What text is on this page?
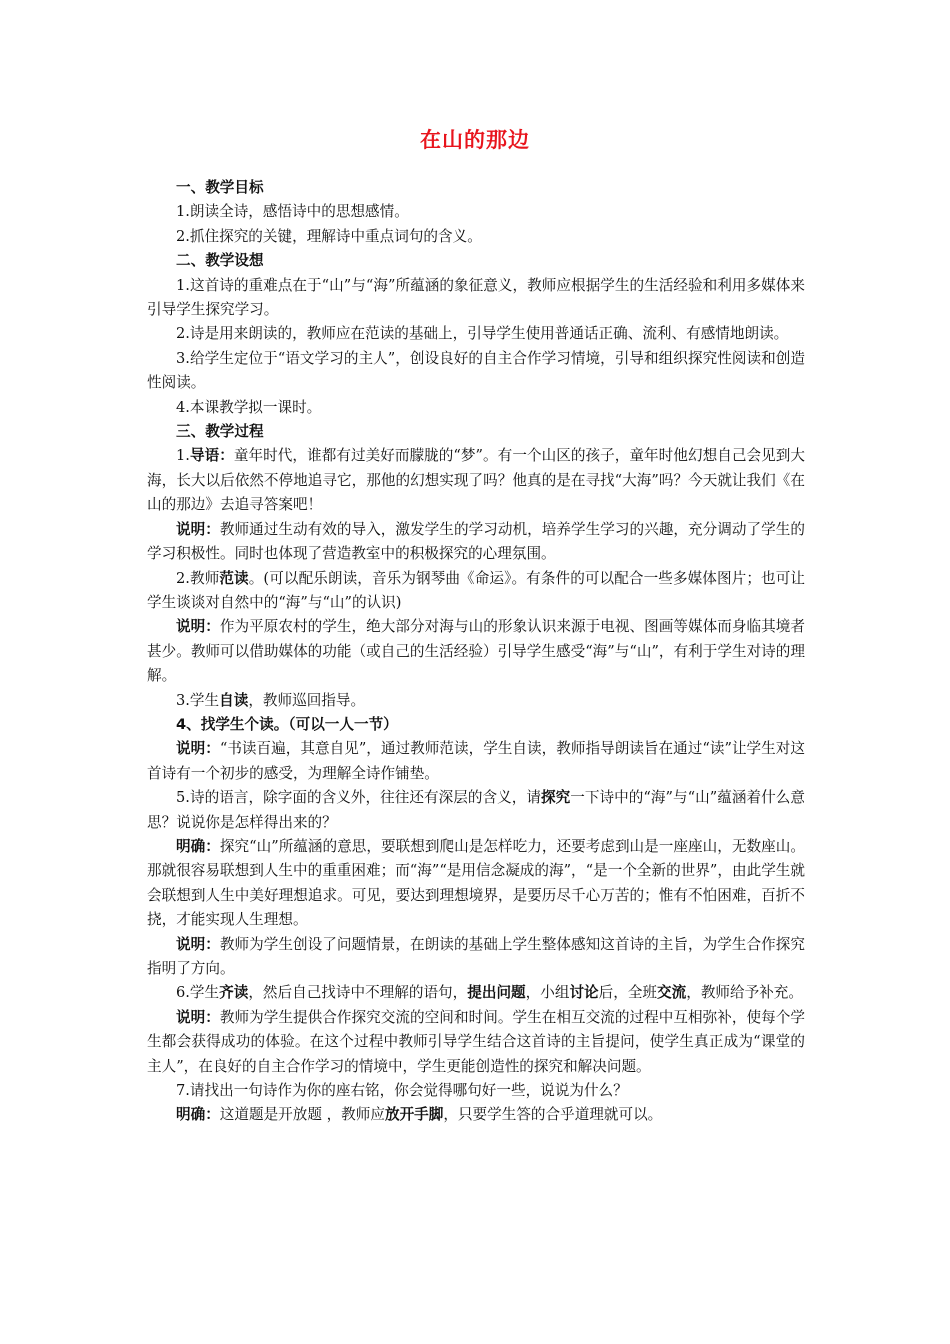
在山的那边

一、教学目标

1.朗读全诗，感悟诗中的思想感情。

2.抓住探究的关键，理解诗中重点词句的含义。

二、教学设想

1.这首诗的重难点在于“山”与“海”所蕴涵的象征意义，教师应根据学生的生活经验和利用多媒体来引导学生探究学习。

2.诗是用来朗读的，教师应在范读的基础上，引导学生使用普通话正确、流利、有感情地朗读。

3.给学生定位于“语文学习的主人”，创设良好的自主合作学习情境，引导和组织探究性阅读和创造性阅读。

4.本课教学拟一课时。

三、教学过程

1.导语：童年时代，谁都有过美好而朦胧的“梦”。有一个山区的孩子，童年时他幻想自己会见到大海，长大以后依然不停地追寻它，那他的幻想实现了吗？他真的是在寻找“大海”吗？今天就让我们《在山的那边》去追寻答案吧！

说明：教师通过生动有效的导入，激发学生的学习动机，培养学生学习的兴趣，充分调动了学生的学习积极性。同时也体现了营造教室中的积极探究的心理氛围。

2.教师范读。(可以配乐朗读，音乐为钢琴曲《命运》。有条件的可以配合一些多媒体图片；也可让学生谈谈对自然中的“海”与“山”的认识)

说明：作为平原农村的学生，绝大部分对海与山的形象认识来源于电视、图画等媒体而身临其境者甚少。教师可以借助媒体的功能（或自己的生活经验）引导学生感受“海”与“山”，有利于学生对诗的理解。

3.学生自读，教师巡回指导。

4、找学生个读。（可以一人一节）

说明：“书读百遍，其意自见”，通过教师范读，学生自读，教师指导朗读旨在通过“读”让学生对这首诗有一个初步的感受，为理解全诗作铺垫。

5.诗的语言，除字面的含义外，往往还有深层的含义，请探究一下诗中的“海”与“山”蕴涵着什么意思？说说你是怎样得出来的？

明确：探究“山”所蕴涵的意思，要联想到爬山是怎样吃力，还要考虑到山是一座座山，无数座山。那就很容易联想到人生中的重重困难；而“海”“是用信念凝成的海”，“是一个全新的世界”，由此学生就会联想到人生中美好理想追求。可见，要达到理想境界，是要历尽千心万苦的；惟有不怕困难，百折不挠，才能实现人生理想。

说明：教师为学生创设了问题情景，在朗读的基础上学生整体感知这首诗的主旨，为学生合作探究指明了方向。

6.学生齐读，然后自己找诗中不理解的语句，提出问题，小组讨论后，全班交流，教师给予补充。

说明：教师为学生提供合作探究交流的空间和时间。学生在相互交流的过程中互相弥补，使每个学生都会获得成功的体验。在这个过程中教师引导学生结合这首诗的主旨提问，使学生真正成为“课堂的主人”，在良好的自主合作学习的情境中，学生更能创造性的探究和解决问题。

7.请找出一句诗作为你的座右铭，你会觉得哪句好一些，说说为什么？

明确：这道题是开放题 ，教师应放开手脚，只要学生答的合乎道理就可以。
